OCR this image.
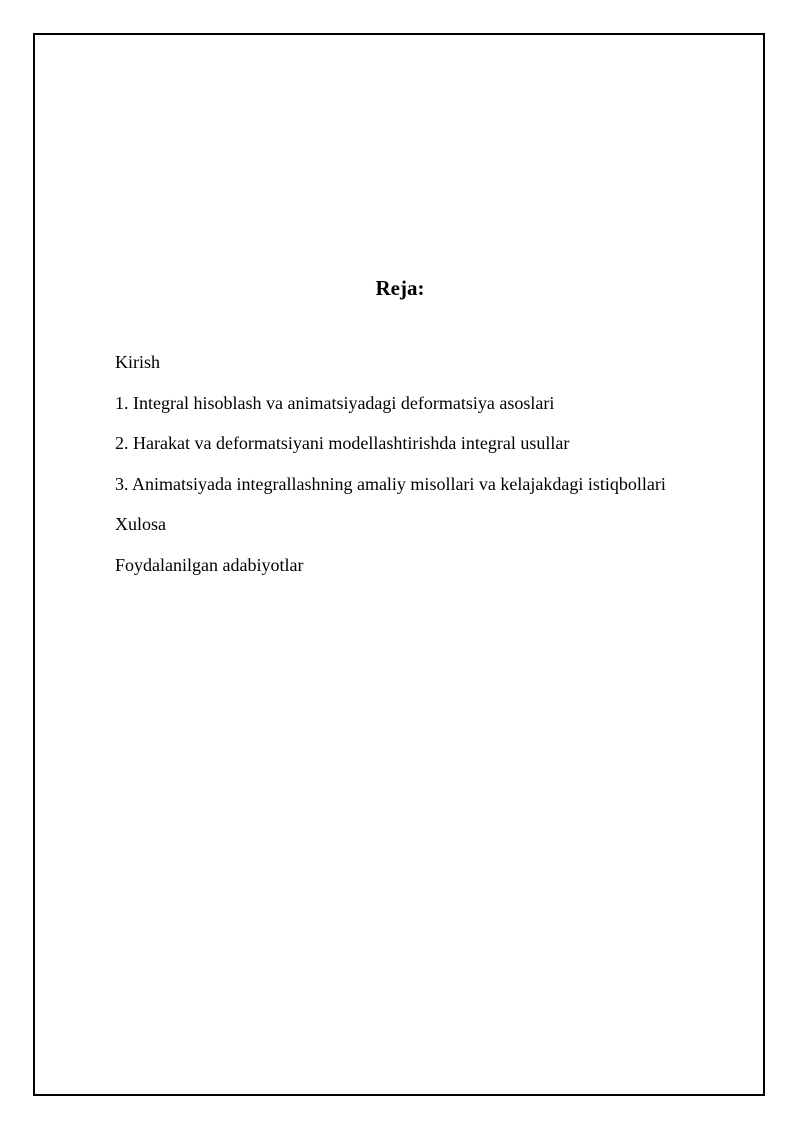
Reja:
Kirish
1. Integral hisoblash va animatsiyadagi deformatsiya asoslari
2. Harakat va deformatsiyani modellashtirishda integral usullar
3. Animatsiyada integrallashning amaliy misollari va kelajakdagi istiqbollari
Xulosa
Foydalanilgan adabiyotlar
